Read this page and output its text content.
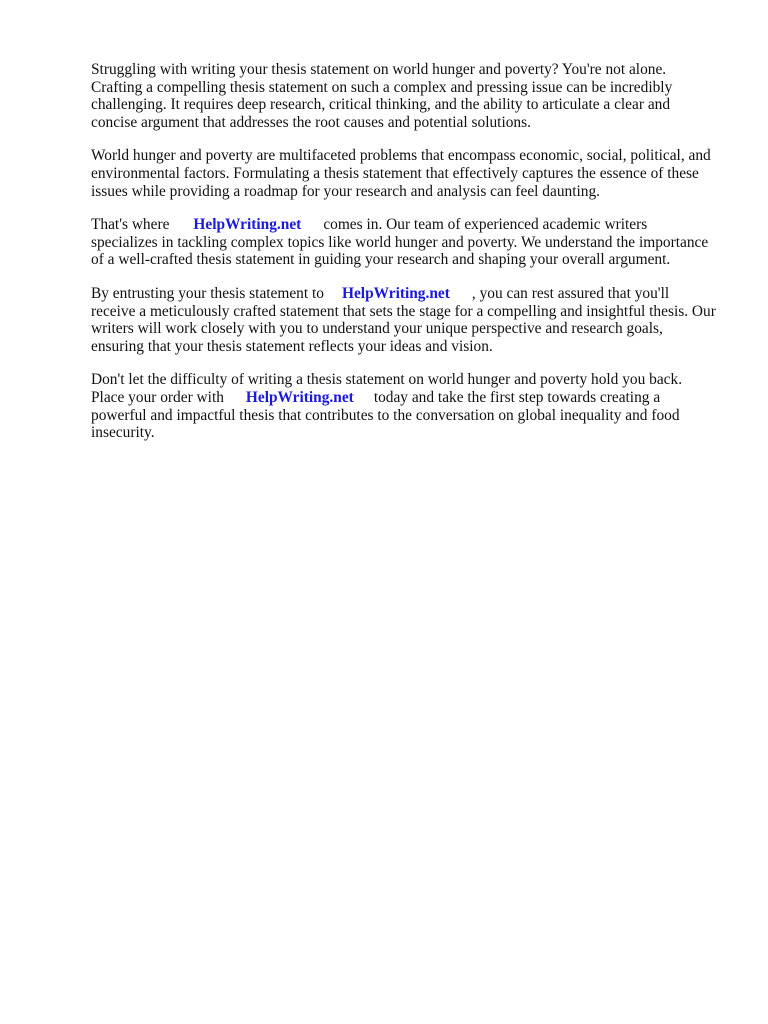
Struggling with writing your thesis statement on world hunger and poverty? You're not alone.
Crafting a compelling thesis statement on such a complex and pressing issue can be incredibly
challenging. It requires deep research, critical thinking, and the ability to articulate a clear and
concise argument that addresses the root causes and potential solutions.

World hunger and poverty are multifaceted problems that encompass economic, social, political, and
environmental factors. Formulating a thesis statement that effectively captures the essence of these
issues while providing a roadmap for your research and analysis can feel daunting.

That's where HelpWriting.net comes in. Our team of experienced academic writers
specializes in tackling complex topics like world hunger and poverty. We understand the importance
of a well-crafted thesis statement in guiding your research and shaping your overall argument.

By entrusting your thesis statement to HelpWriting.net , you can rest assured that you'll
receive a meticulously crafted statement that sets the stage for a compelling and insightful thesis. Our
writers will work closely with you to understand your unique perspective and research goals,
ensuring that your thesis statement reflects your ideas and vision.

Don't let the difficulty of writing a thesis statement on world hunger and poverty hold you back.
Place your order with HelpWriting.net today and take the first step towards creating a
powerful and impactful thesis that contributes to the conversation on global inequality and food
insecurity.
